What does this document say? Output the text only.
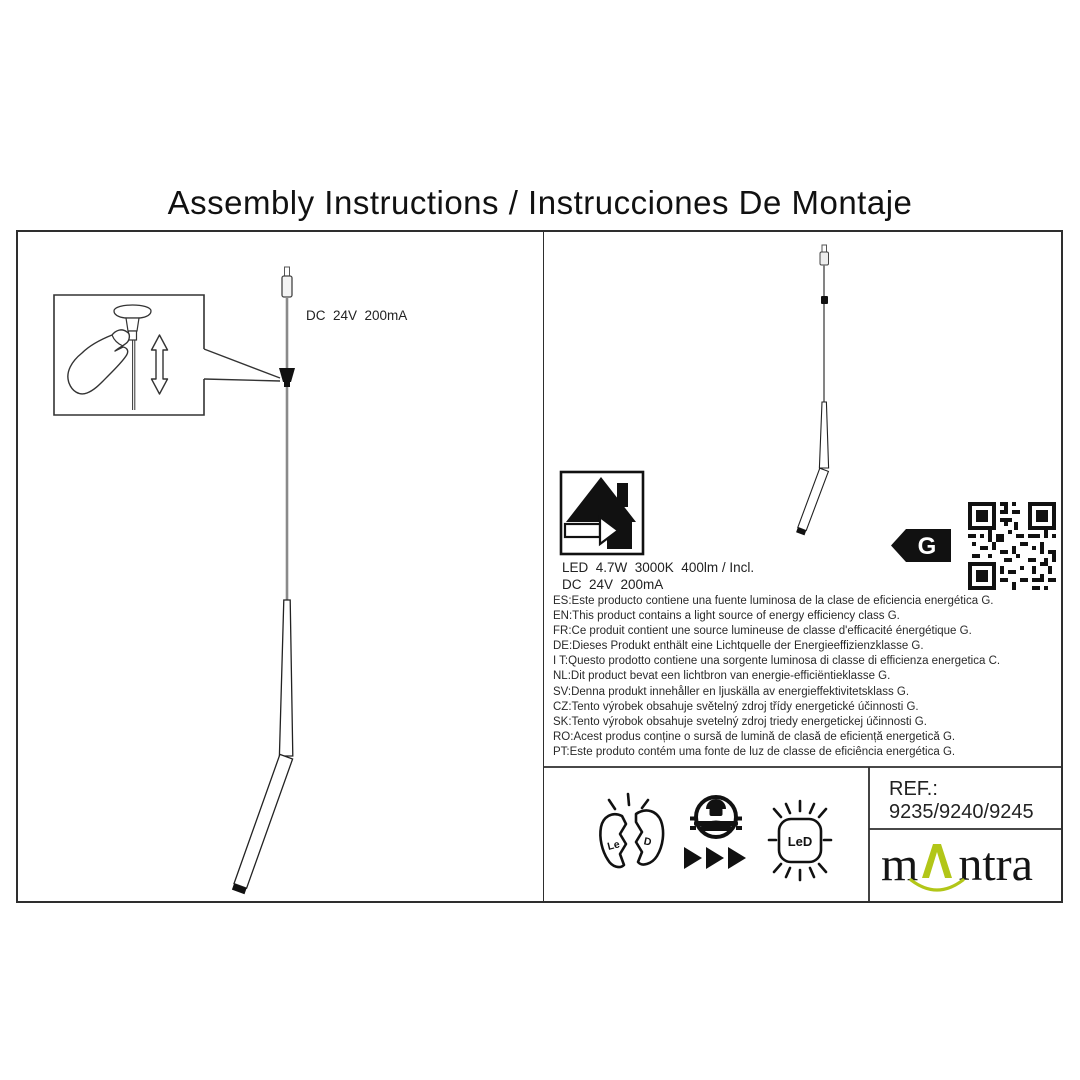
Assembly Instructions / Instrucciones De Montaje
DC  24V  200mA
G
Le D	LeD
LED  4.7W  3000K  400lm / Incl.
DC  24V  200mA
ES:Este producto contiene una fuente luminosa de la clase de eficiencia energética G.
EN:This product contains a light source of energy efficiency class G.
FR:Ce produit contient une source lumineuse de classe d'efficacité énergétique G.
DE:Dieses Produkt enthält eine Lichtquelle der Energieeffizienzklasse G.
I T:Questo prodotto contiene una sorgente luminosa di classe di efficienza energetica C.
NL:Dit product bevat een lichtbron van energie-efficiëntieklasse G.
SV:Denna produkt innehåller en ljuskälla av energieffektivitetsklass G.
CZ:Tento výrobek obsahuje světelný zdroj třídy energetické účinnosti G.
SK:Tento výrobok obsahuje svetelný zdroj triedy energetickej účinnosti G.
RO:Acest produs conține o sursă de lumină de clasă de eficiență energetică G.
PT:Este produto contém uma fonte de luz de classe de eficiência energética G.
REF.:
9235/9240/9245
m ntra
